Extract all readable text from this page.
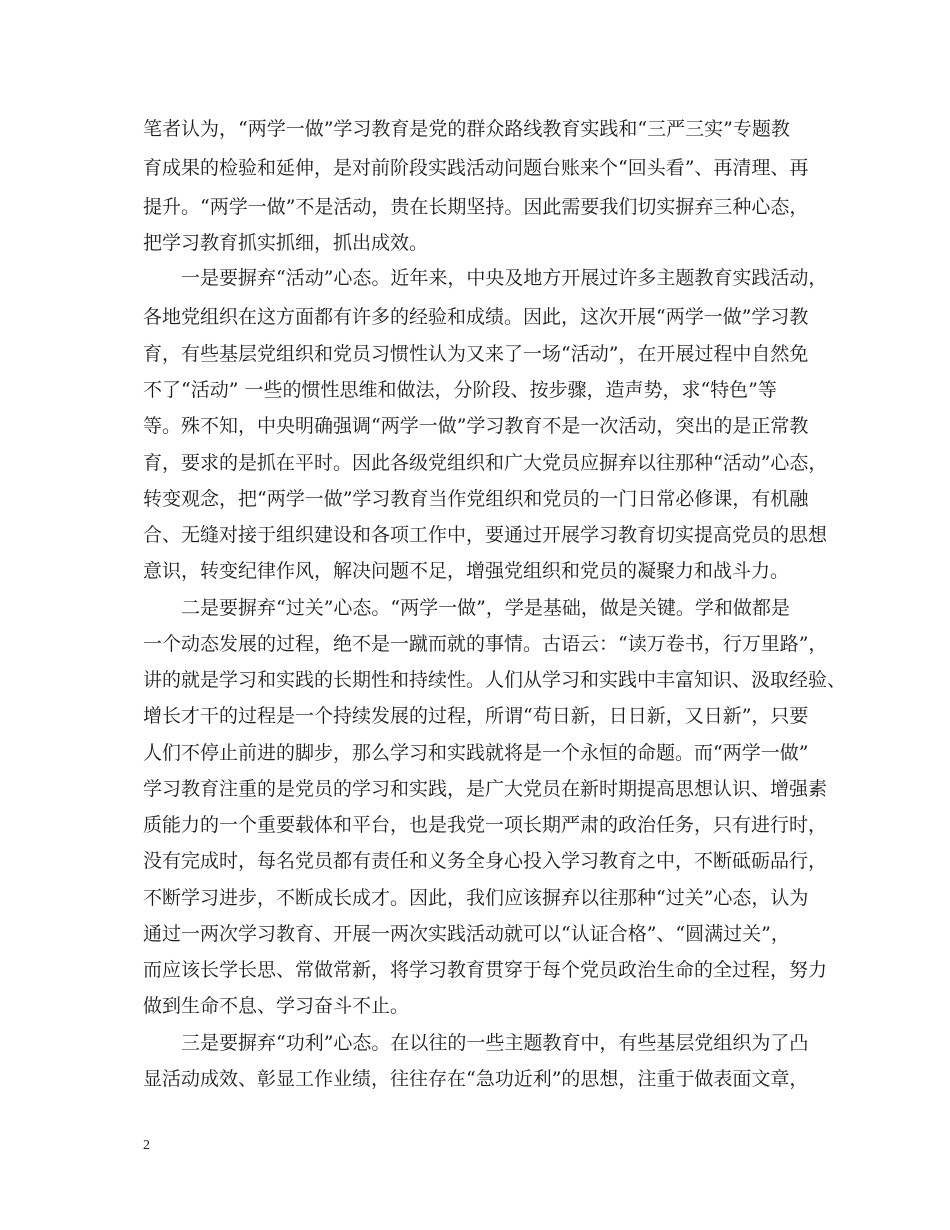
笔者认为，“两学一做”学习教育是党的群众路线教育实践和“三严三实”专题教
育成果的检验和延伸，是对前阶段实践活动问题台账来个“回头看”、再清理、再
提升。“两学一做”不是活动，贵在长期坚持。因此需要我们切实摒弃三种心态，
把学习教育抓实抓细，抓出成效。
　　一是要摒弃“活动”心态。近年来，中央及地方开展过许多主题教育实践活动，
各地党组织在这方面都有许多的经验和成绩。因此，这次开展“两学一做”学习教
育，有些基层党组织和党员习惯性认为又来了一场“活动”，在开展过程中自然免
不了“活动” 一些的惯性思维和做法，分阶段、按步骤，造声势，求“特色”等
等。殊不知，中央明确强调“两学一做”学习教育不是一次活动，突出的是正常教
育，要求的是抓在平时。因此各级党组织和广大党员应摒弃以往那种“活动”心态，
转变观念，把“两学一做”学习教育当作党组织和党员的一门日常必修课，有机融
合、无缝对接于组织建设和各项工作中，要通过开展学习教育切实提高党员的思想
意识，转变纪律作风，解决问题不足，增强党组织和党员的凝聚力和战斗力。
　　二是要摒弃“过关”心态。“两学一做”，学是基础，做是关键。学和做都是
一个动态发展的过程，绝不是一蹴而就的事情。古语云：“读万卷书，行万里路”，
讲的就是学习和实践的长期性和持续性。人们从学习和实践中丰富知识、汲取经验、
增长才干的过程是一个持续发展的过程，所谓“苟日新，日日新，又日新”，只要
人们不停止前进的脚步，那么学习和实践就将是一个永恒的命题。而“两学一做”
学习教育注重的是党员的学习和实践，是广大党员在新时期提高思想认识、增强素
质能力的一个重要载体和平台，也是我党一项长期严肃的政治任务，只有进行时，
没有完成时，每名党员都有责任和义务全身心投入学习教育之中，不断砥砺品行，
不断学习进步，不断成长成才。因此，我们应该摒弃以往那种“过关”心态，认为
通过一两次学习教育、开展一两次实践活动就可以“认证合格”、“圆满过关”，
而应该长学长思、常做常新，将学习教育贯穿于每个党员政治生命的全过程，努力
做到生命不息、学习奋斗不止。
　　三是要摒弃“功利”心态。在以往的一些主题教育中，有些基层党组织为了凸
显活动成效、彰显工作业绩，往往存在“急功近利”的思想，注重于做表面文章，
2
